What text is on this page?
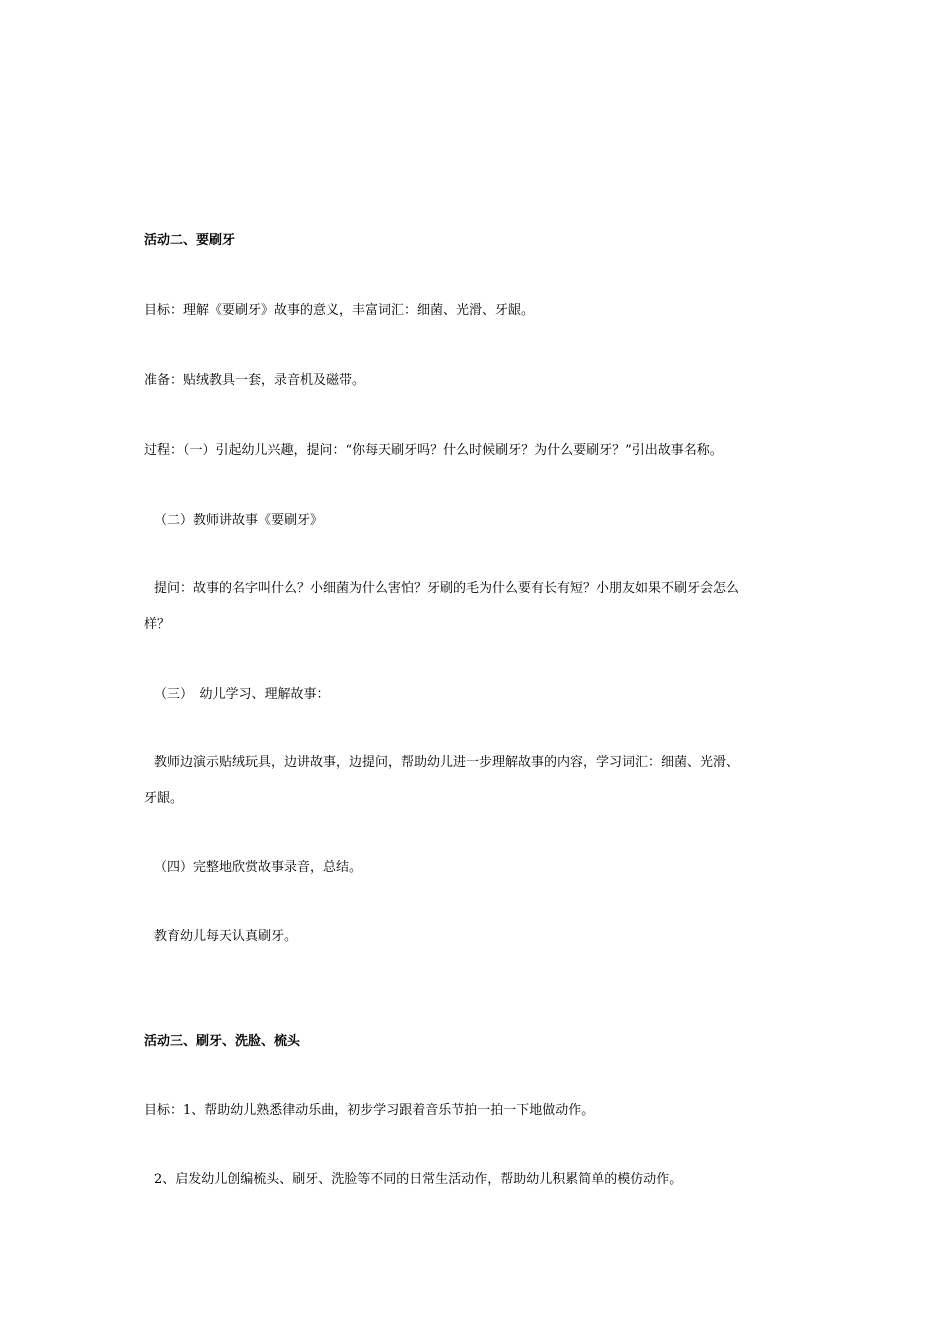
活动二、要刷牙
目标：理解《要刷牙》故事的意义，丰富词汇：细菌、光滑、牙龈。
准备：贴绒教具一套，录音机及磁带。
过程：（一）引起幼儿兴趣，提问：“你每天刷牙吗？什么时候刷牙？为什么要刷牙？”引出故事名称。
（二）教师讲故事《要刷牙》
提问：故事的名字叫什么？小细菌为什么害怕？牙刷的毛为什么要有长有短？小朋友如果不刷牙会怎么
样？
（三）　幼儿学习、理解故事：
教师边演示贴绒玩具，边讲故事，边提问，帮助幼儿进一步理解故事的内容，学习词汇：细菌、光滑、
牙龈。
（四）完整地欣赏故事录音，总结。
教育幼儿每天认真刷牙。
活动三、刷牙、洗脸、梳头
目标：1、帮助幼儿熟悉律动乐曲，初步学习跟着音乐节拍一拍一下地做动作。
2、启发幼儿创编梳头、刷牙、洗脸等不同的日常生活动作，帮助幼儿积累简单的模仿动作。
